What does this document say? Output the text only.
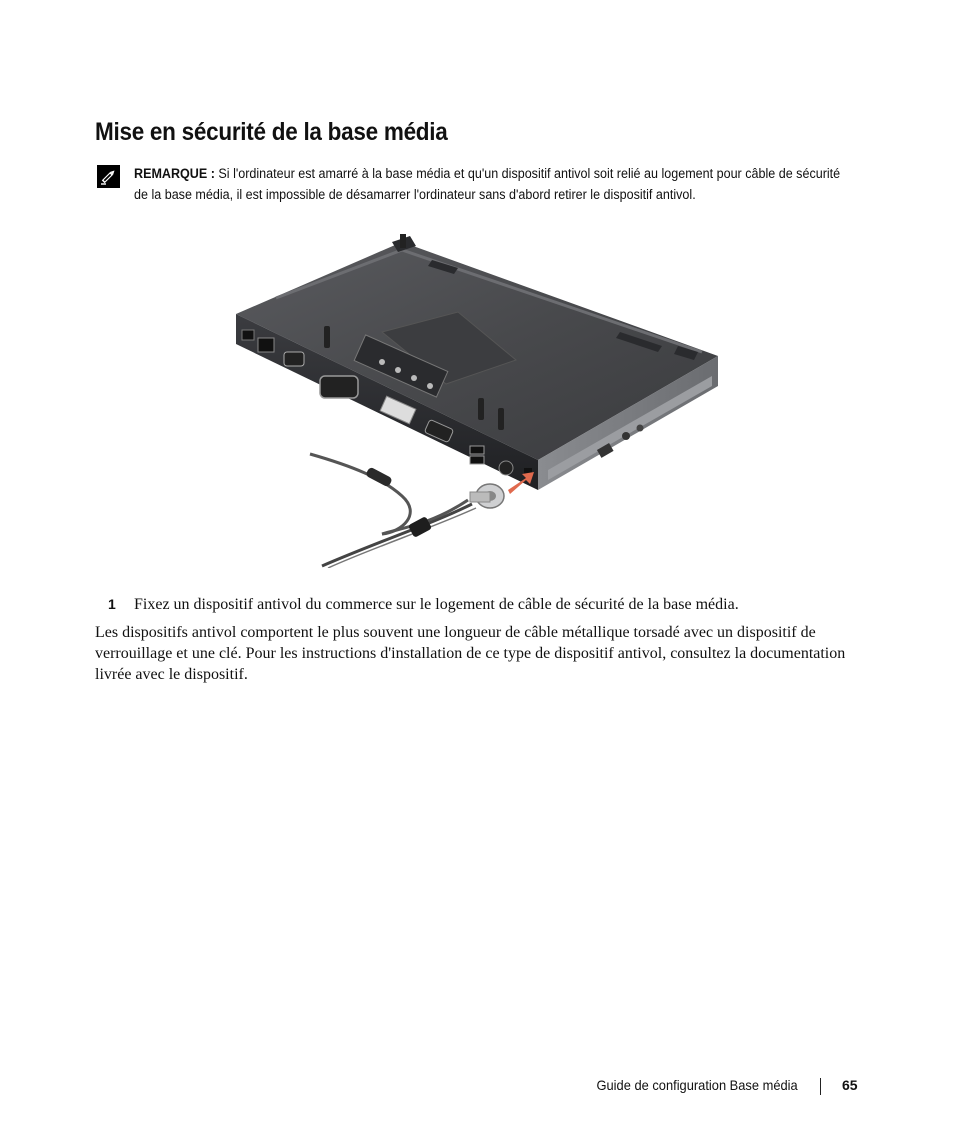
Mise en sécurité de la base média
REMARQUE : Si l'ordinateur est amarré à la base média et qu'un dispositif antivol soit relié au logement pour câble de sécurité de la base média, il est impossible de désamarrer l'ordinateur sans d'abord retirer le dispositif antivol.
1 Fixez un dispositif antivol du commerce sur le logement de câble de sécurité de la base média.

Les dispositifs antivol comportent le plus souvent une longueur de câble métallique torsadé avec un dispositif de verrouillage et une clé. Pour les instructions d'installation de ce type de dispositif antivol, consultez la documentation livrée avec le dispositif.

Guide de configuration Base média	65
